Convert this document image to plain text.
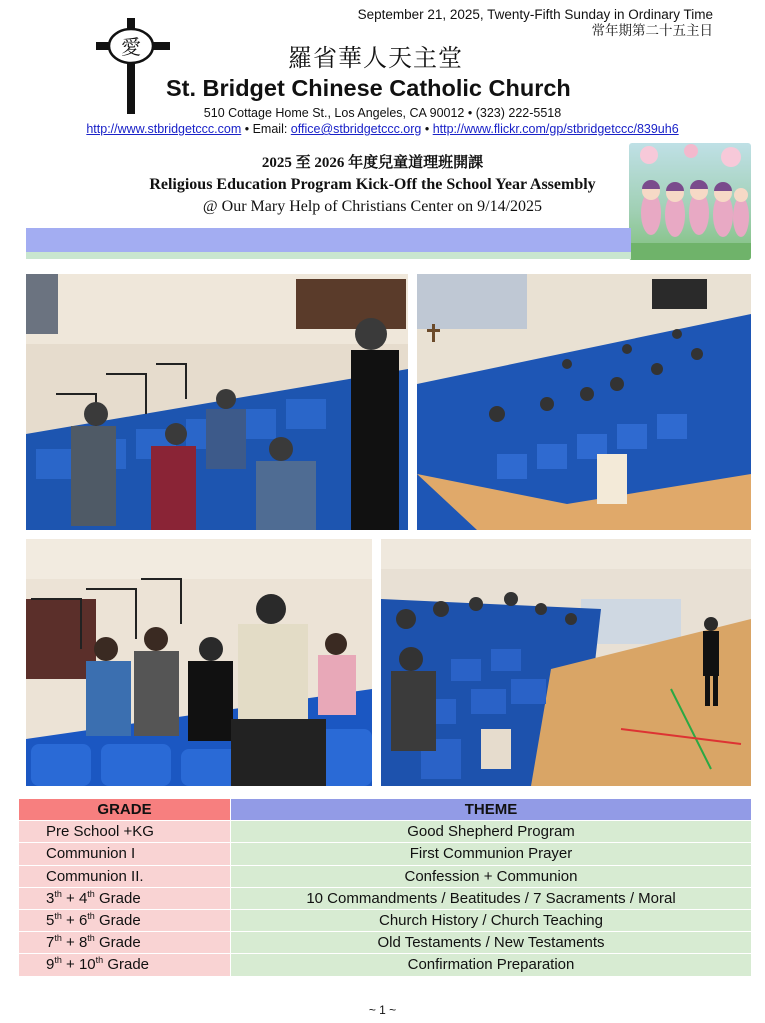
September 21, 2025, Twenty-Fifth Sunday in Ordinary Time
常年期第二十五主日
愛	羅省華人天主堂
St. Bridget Chinese Catholic Church
510 Cottage Home St., Los Angeles, CA 90012 • (323) 222-5518
http://www.stbridgetccc.com • Email: office@stbridgetccc.org • http://www.flickr.com/gp/stbridgetccc/839uh6
2025 至 2026 年度兒童道理班開課
Religious Education Program Kick-Off the School Year Assembly
@ Our Mary Help of Christians Center on 9/14/2025
GRADE	THEME
Pre School +KG	Good Shepherd Program
Communion I	First Communion Prayer
Communion II.	Confession + Communion
3th + 4th Grade	10 Commandments / Beatitudes / 7 Sacraments / Moral
5th + 6th Grade	Church History / Church Teaching
7th + 8th Grade	Old Testaments / New Testaments
9th + 10th Grade	Confirmation Preparation
~ 1 ~
